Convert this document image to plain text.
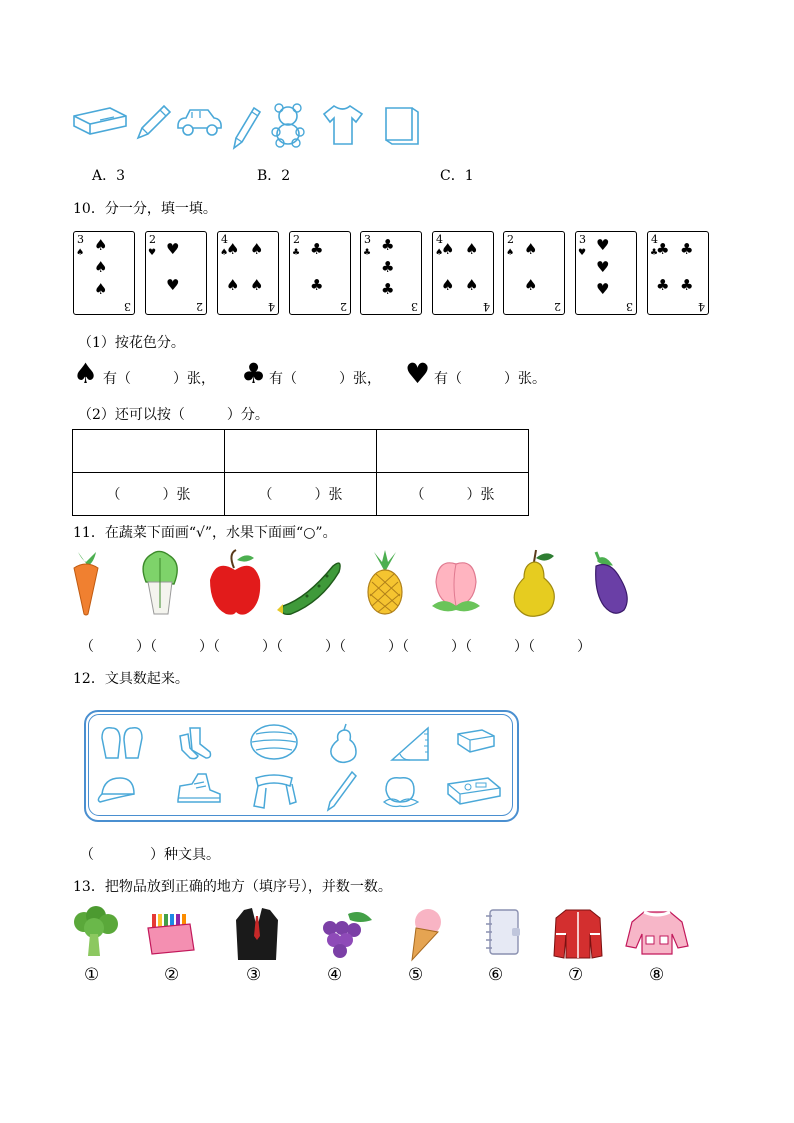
A．3	B．2	C．1
10．分一分，填一填。
3
♠ ♠
♠
♠
3
2
♥ ♥
♥
2
4
♠
♠ ♠
♠ ♠
4
2
♣ ♣
♣
2
3
♣ ♣
♣
♣
3
4
♠
♠ ♠
♠ ♠
4
2
♠ ♠
♠
2
3
♥ ♥
♥
♥
3
4
♣
♣ ♣
♣ ♣
4
（1）按花色分。
♠ 有（　　　）张， ♣ 有（　　　）张， ♥ 有（　　　）张。
（2）还可以按（　　　）分。

（　　　）张	（　　　）张	（　　　）张
11．在蔬菜下面画“√”，水果下面画“○”。
（　　　）（　　　）（　　　）（　　　）（　　　）（　　　）（　　　）（　　　）
12．文具数起来。
（　　　　）种文具。
13．把物品放到正确的地方（填序号），并数一数。
①	②	③	④	⑤	⑥	⑦	⑧
